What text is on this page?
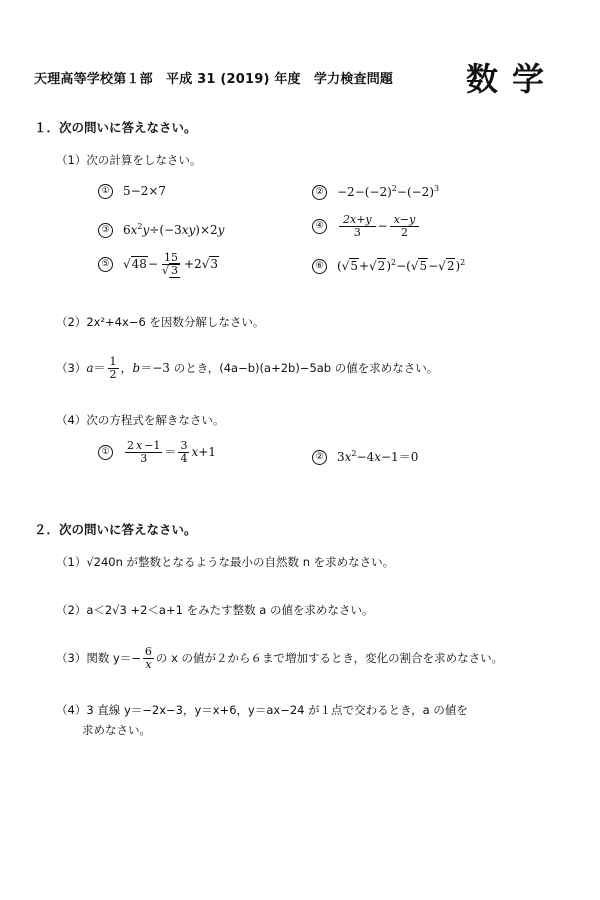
天理高等学校第１部　平成 31 (2019) 年度　学力検査問題 数学
１．次の問いに答えなさい。
（1）次の計算をしなさい。
① 5−2×7	② $-2-(-2)^2-(-2)^3$
③ $6x^2y\div(-3xy)\times 2y$	④ $\frac{2x+y}{3} - \frac{x-y}{2}$
⑤ $√48- \frac{15}{√ 3} +2√3$	⑥ $(√5+√2)^2-(√5-√2)^2$
（2）2x²+4x−6 を因数分解しなさい。
$(3)a= \frac{1}{2}$ ，b＝−3 のとき，(4a−b)(a+2b)−5ab の値を求めなさい。
（4）次の方程式を解きなさい。
① $\frac{2 x -1}{3} = \frac{3}{4} x+1$	② $3x^2-4x-1=0$
２．次の問いに答えなさい。
（1）√240n が整数となるような最小の自然数 n を求めなさい。
（2）a＜2√3 +2＜a+1 をみたす整数 a の値を求めなさい。
（3）関数 $y=- \frac{6}{x}$ の x の値が２から６まで増加するとき，変化の割合を求めなさい。
（4）3 直線 y＝−2x−3，y＝x+6，y＝ax−24 が１点で交わるとき，a の値を
求めなさい。
